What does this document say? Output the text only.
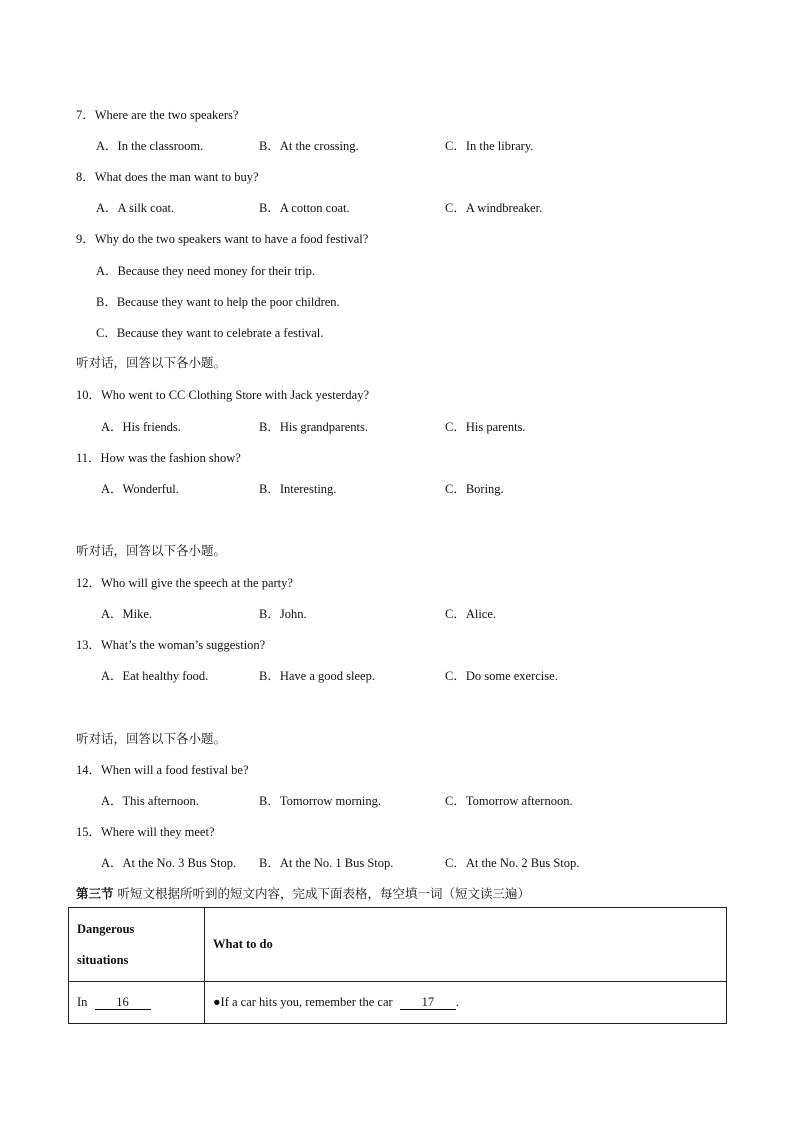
7．Where are the two speakers?
A．In the classroom.	B．At the crossing.	C．In the library.
8．What does the man want to buy?
A．A silk coat.	B．A cotton coat.	C．A windbreaker.
9．Why do the two speakers want to have a food festival?
A．Because they need money for their trip.
B．Because they want to help the poor children.
C．Because they want to celebrate a festival.
听对话，回答以下各小题。
10．Who went to CC Clothing Store with Jack yesterday?
A．His friends.	B．His grandparents.	C．His parents.
11．How was the fashion show?
A．Wonderful.	B．Interesting.	C．Boring.
听对话，回答以下各小题。
12．Who will give the speech at the party?
A．Mike.	B．John.	C．Alice.
13．What’s the woman’s suggestion?
A．Eat healthy food.	B．Have a good sleep.	C．Do some exercise.
听对话，回答以下各小题。
14．When will a food festival be?
A．This afternoon.	B．Tomorrow morning.	C．Tomorrow afternoon.
15．Where will they meet?
A．At the No. 3 Bus Stop. B．At the No. 1 Bus Stop.	C．At the No. 2 Bus Stop.
第三节 听短文根据所听到的短文内容，完成下面表格，每空填一词（短文读三遍）
Dangerous
situations	What to do
In 16	●If a car hits you, remember the car 17 .
